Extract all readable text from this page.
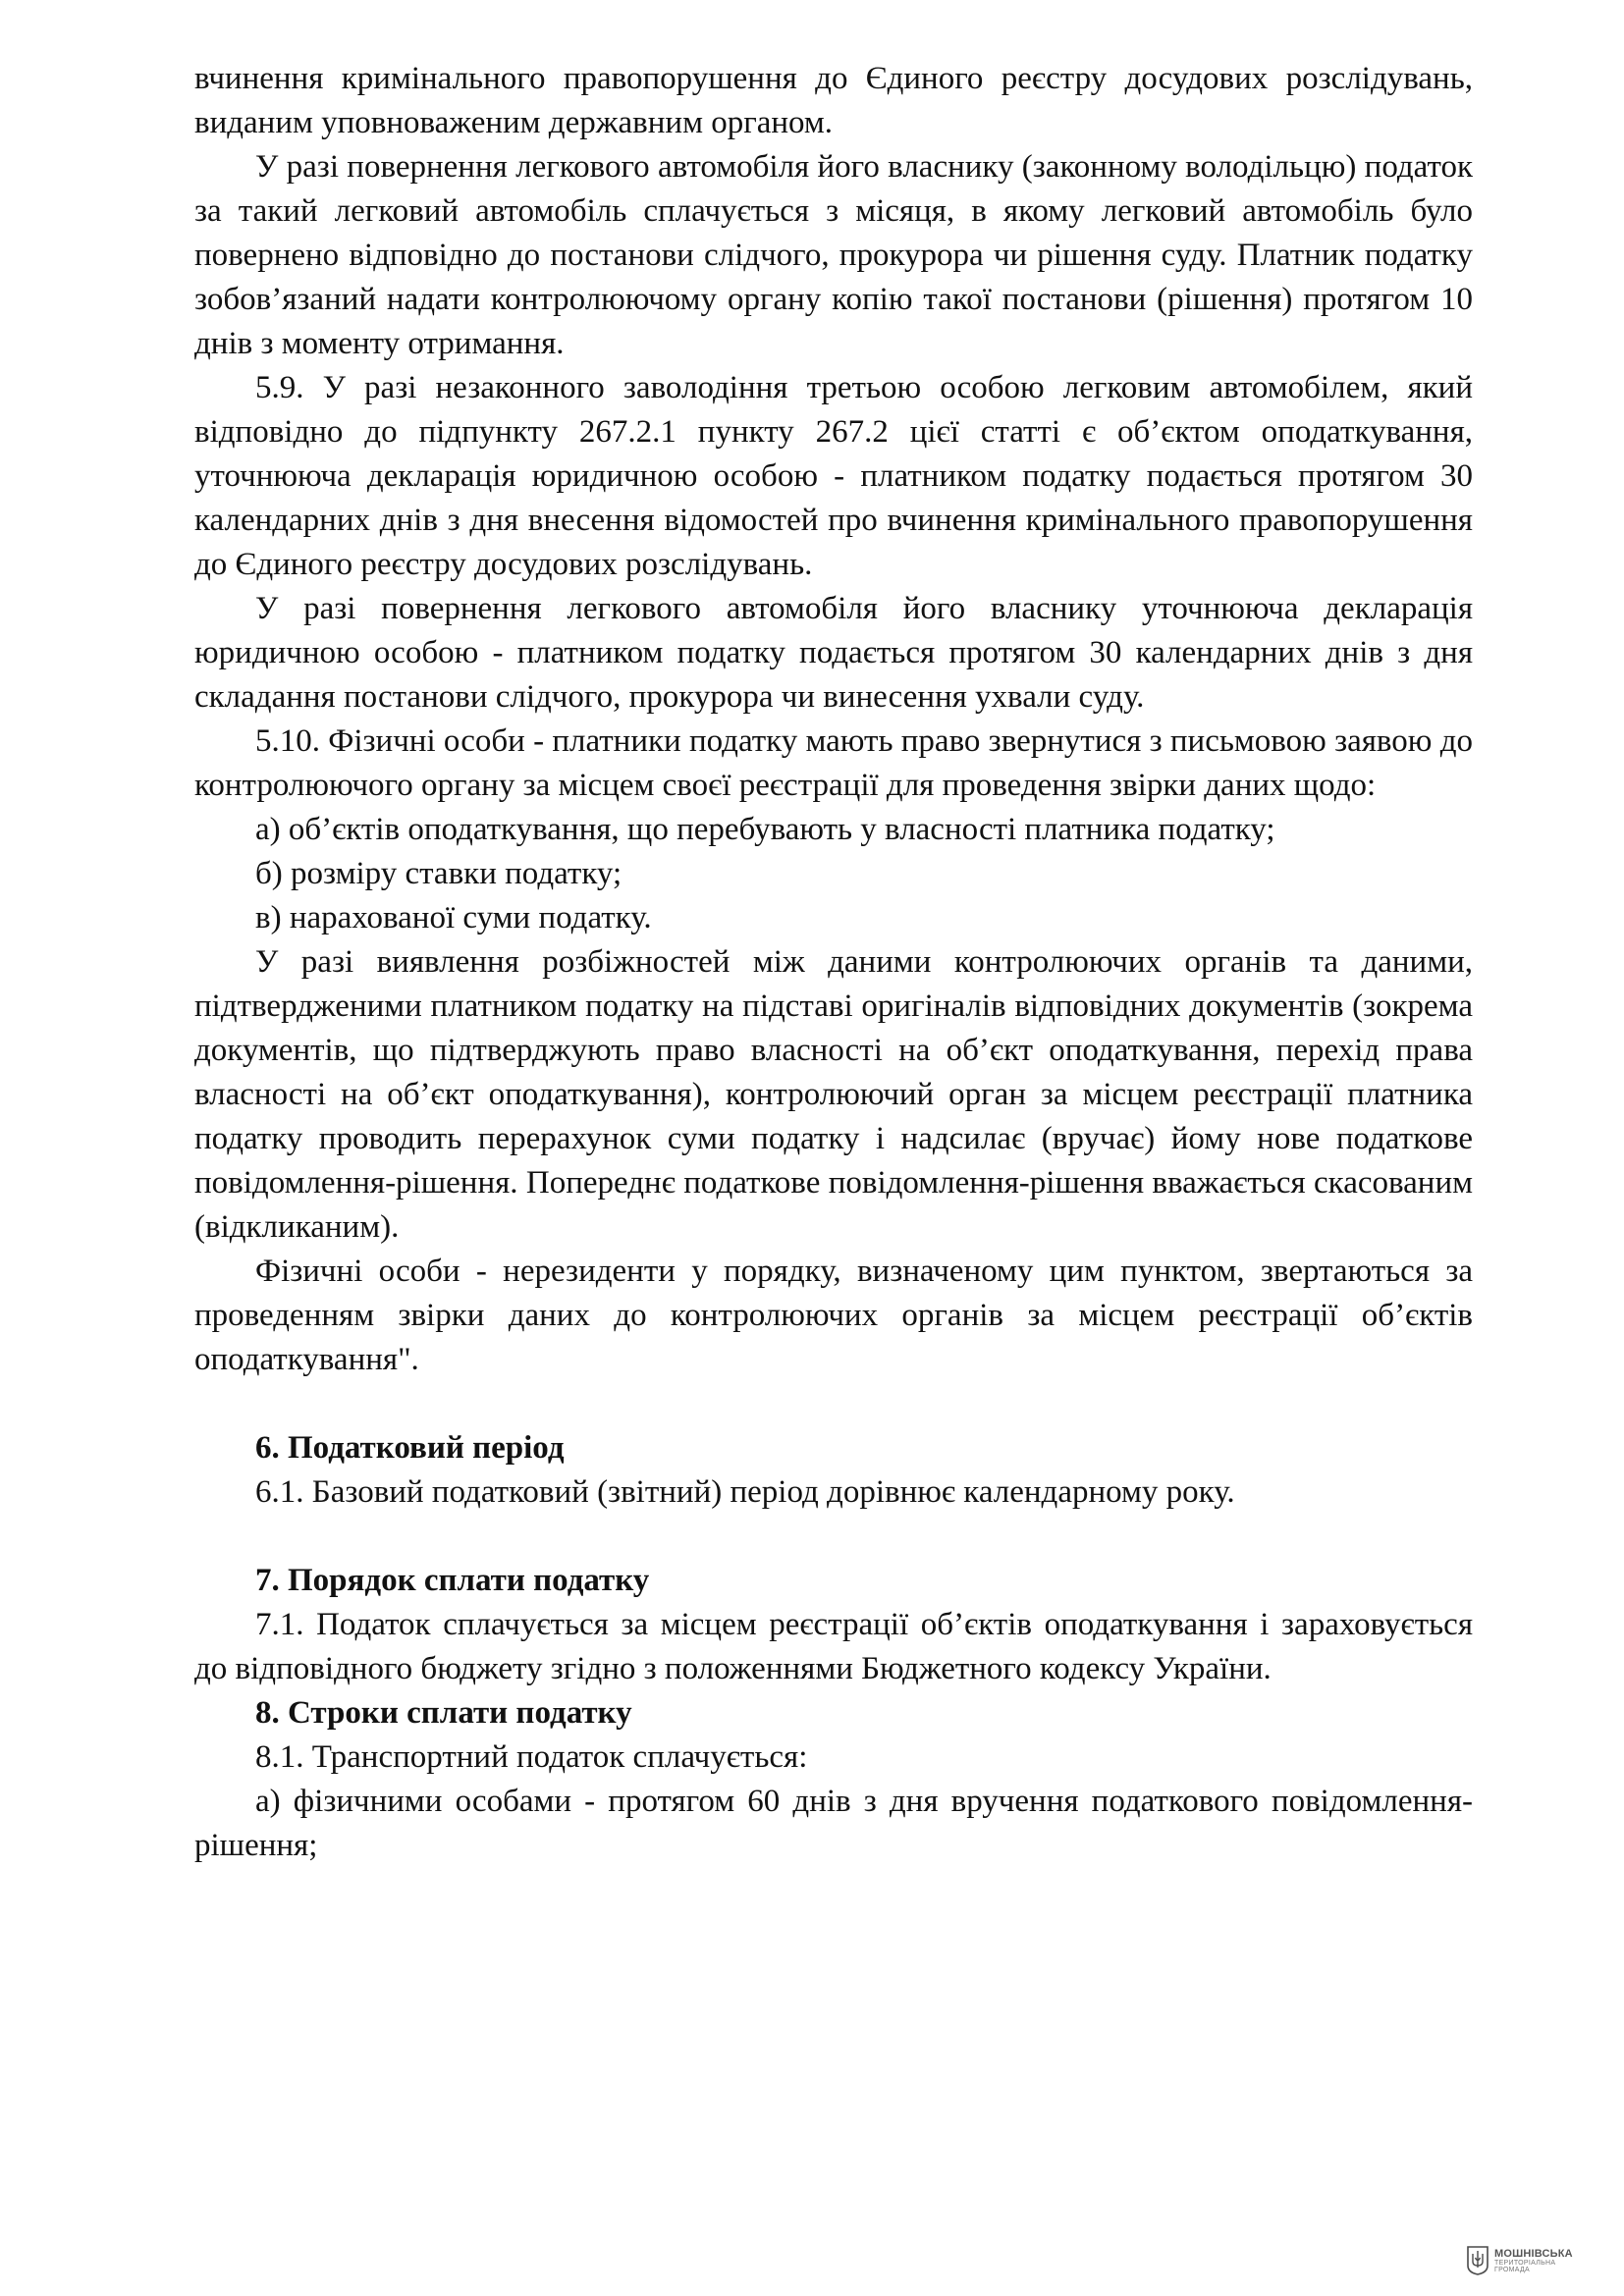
вчинення кримінального правопорушення до Єдиного реєстру досудових розслідувань, виданим уповноваженим державним органом.

У разі повернення легкового автомобіля його власнику (законному володільцю) податок за такий легковий автомобіль сплачується з місяця, в якому легковий автомобіль було повернено відповідно до постанови слідчого, прокурора чи рішення суду. Платник податку зобов’язаний надати контролюючому органу копію такої постанови (рішення) протягом 10 днів з моменту отримання.

5.9. У разі незаконного заволодіння третьою особою легковим автомобілем, який відповідно до підпункту 267.2.1 пункту 267.2 цієї статті є об’єктом оподаткування, уточнююча декларація юридичною особою - платником податку подається протягом 30 календарних днів з дня внесення відомостей про вчинення кримінального правопорушення до Єдиного реєстру досудових розслідувань.

У разі повернення легкового автомобіля його власнику уточнююча декларація юридичною особою - платником податку подається протягом 30 календарних днів з дня складання постанови слідчого, прокурора чи винесення ухвали суду.

5.10. Фізичні особи - платники податку мають право звернутися з письмовою заявою до контролюючого органу за місцем своєї реєстрації для проведення звірки даних щодо:

а) об’єктів оподаткування, що перебувають у власності платника податку;

б) розміру ставки податку;

в) нарахованої суми податку.

У разі виявлення розбіжностей між даними контролюючих органів та даними, підтвердженими платником податку на підставі оригіналів відповідних документів (зокрема документів, що підтверджують право власності на об’єкт оподаткування, перехід права власності на об’єкт оподаткування), контролюючий орган за місцем реєстрації платника податку проводить перерахунок суми податку і надсилає (вручає) йому нове податкове повідомлення-рішення. Попереднє податкове повідомлення-рішення вважається скасованим (відкликаним).

Фізичні особи - нерезиденти у порядку, визначеному цим пунктом, звертаються за проведенням звірки даних до контролюючих органів за місцем реєстрації об’єктів оподаткування".

6. Податковий період

6.1. Базовий податковий (звітний) період дорівнює календарному року.

7. Порядок сплати податку

7.1. Податок сплачується за місцем реєстрації об’єктів оподаткування і зараховується до відповідного бюджету згідно з положеннями Бюджетного кодексу України.

8. Строки сплати податку

8.1. Транспортний податок сплачується:

а) фізичними особами - протягом 60 днів з дня вручення податкового повідомлення-рішення;

МОШНІВСЬКА
ТЕРИТОРІАЛЬНА
ГРОМАДА
